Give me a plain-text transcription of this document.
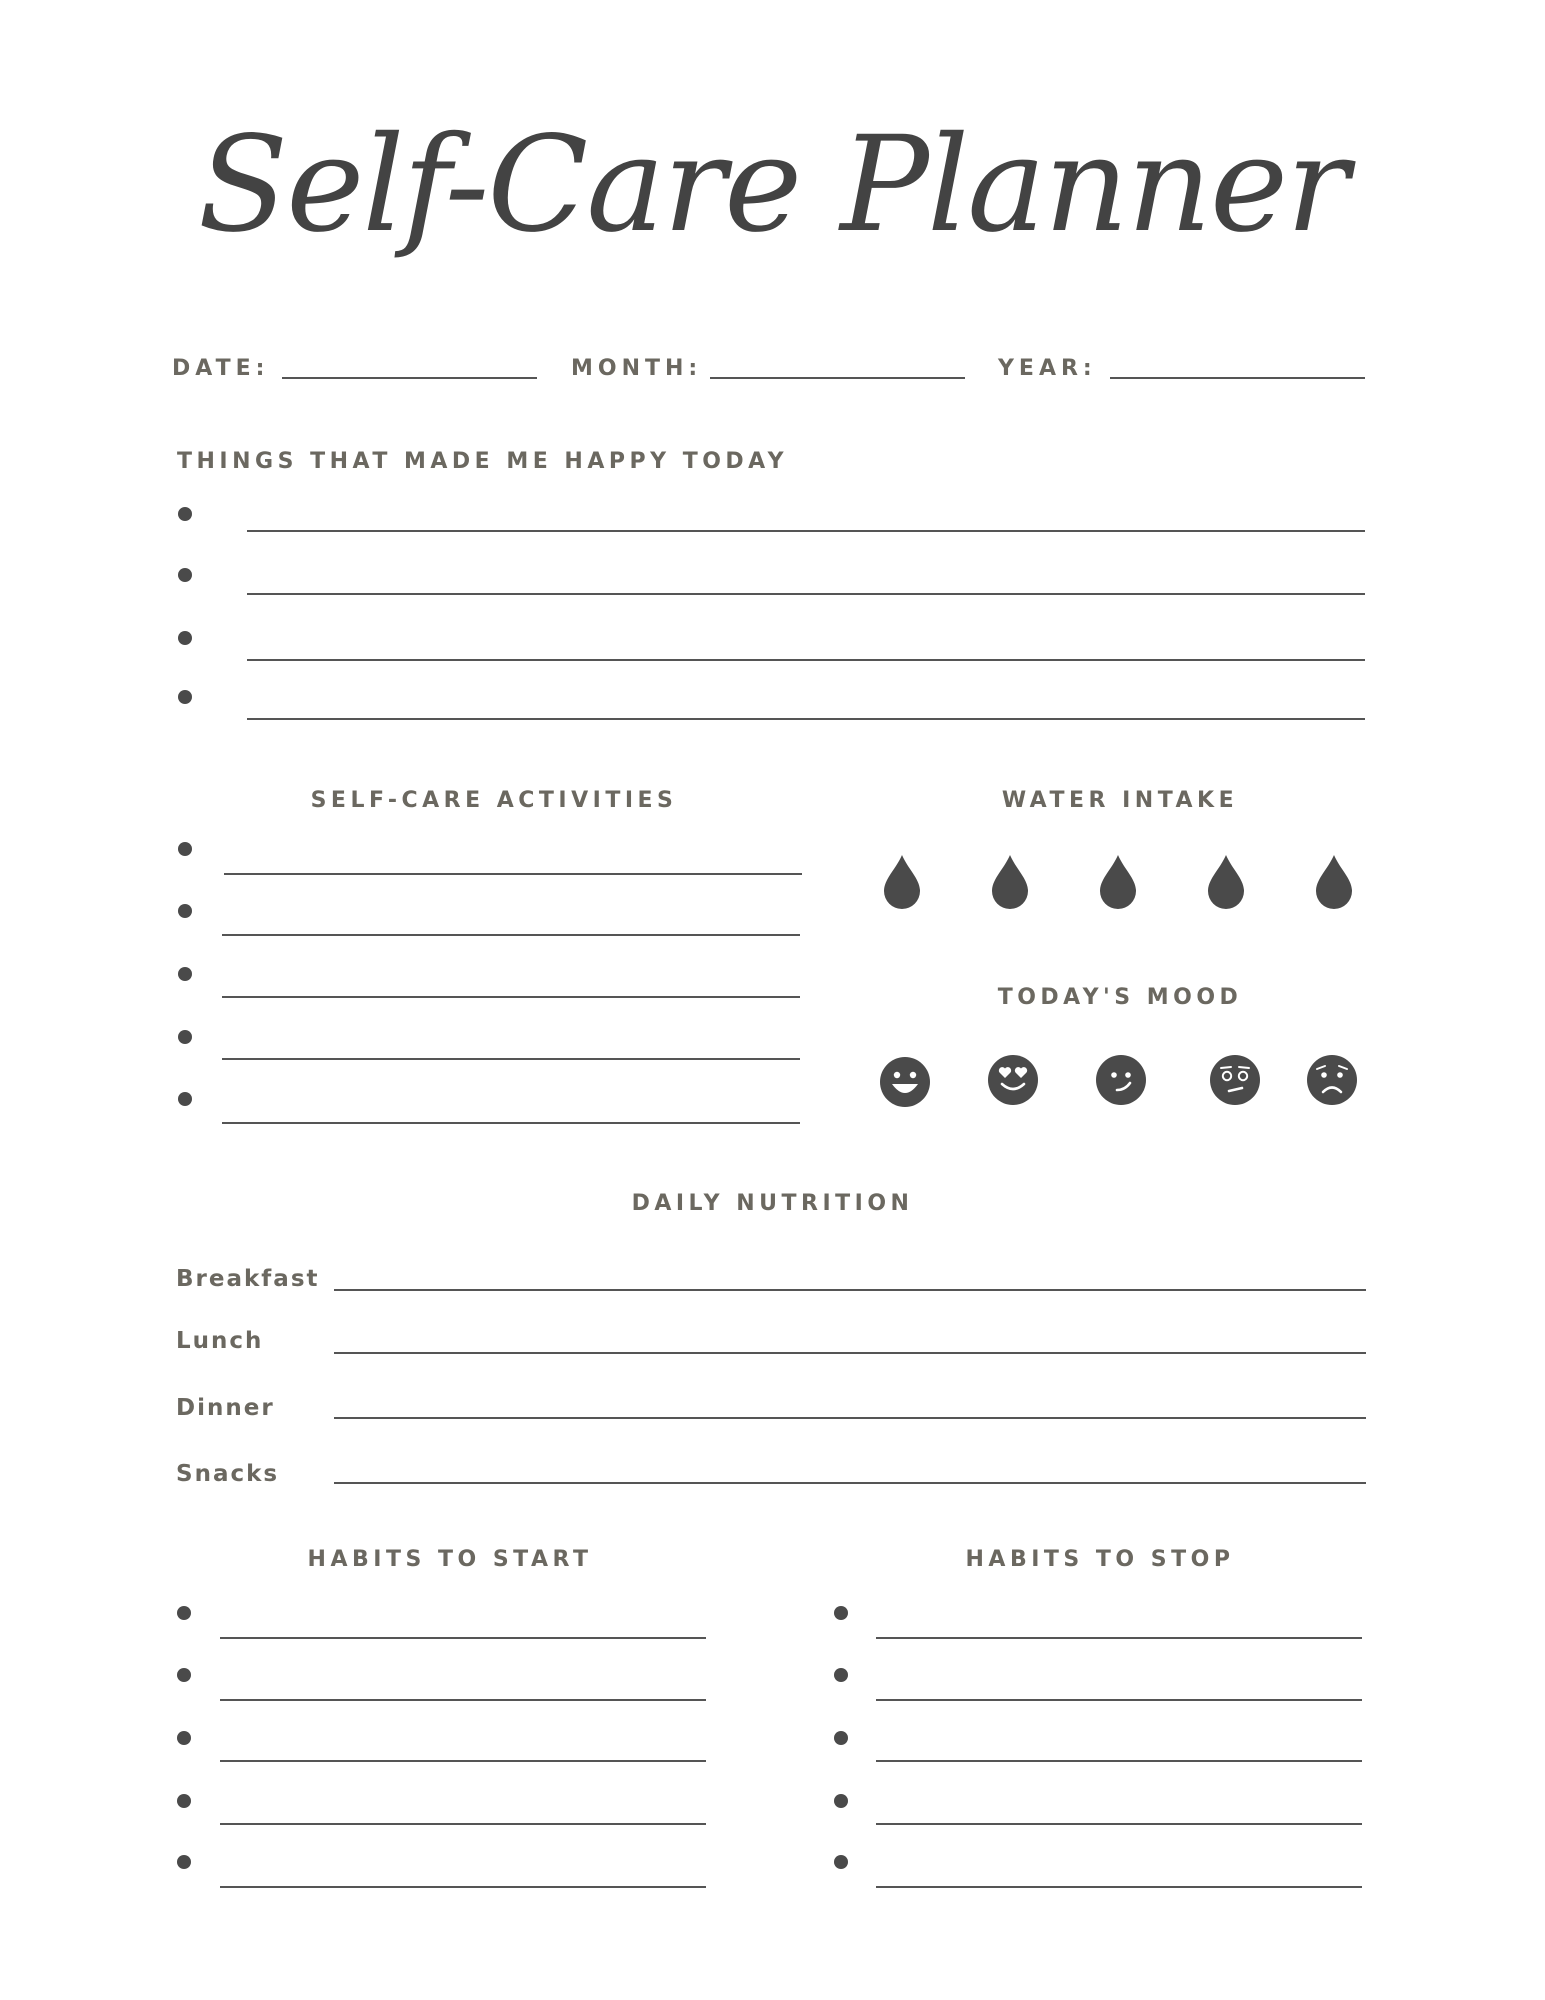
Self-Care Planner
DATE:	MONTH:	YEAR:
THINGS THAT MADE ME HAPPY TODAY
SELF-CARE ACTIVITIES	WATER INTAKE
TODAY'S MOOD
DAILY NUTRITION
Breakfast
Lunch
Dinner
Snacks
HABITS TO START	HABITS TO STOP
